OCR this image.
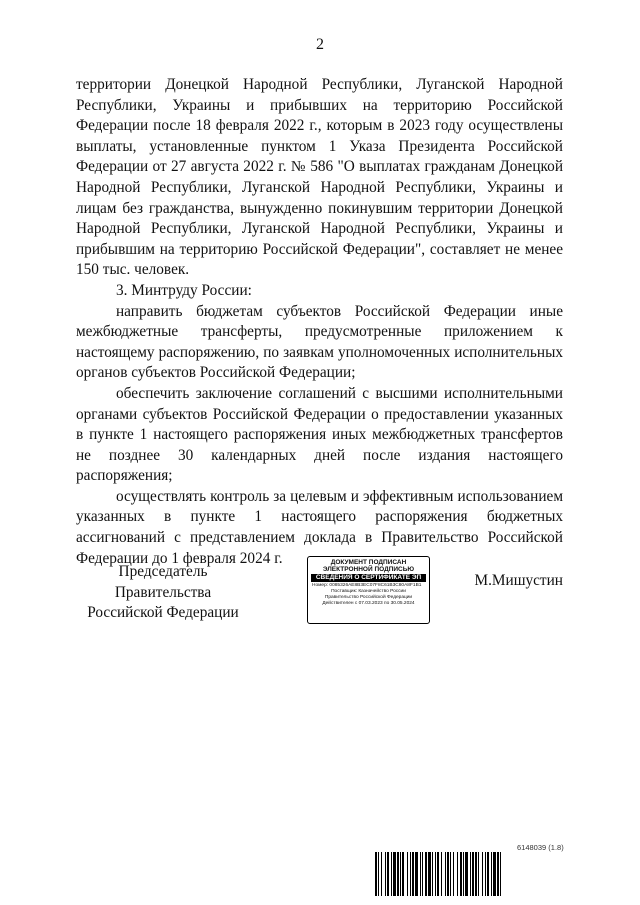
2

территории Донецкой Народной Республики, Луганской Народной Республики, Украины и прибывших на территорию Российской Федерации после 18 февраля 2022 г., которым в 2023 году осуществлены выплаты, установленные пунктом 1 Указа Президента Российской Федерации от 27 августа 2022 г. № 586 "О выплатах гражданам Донецкой Народной Республики, Луганской Народной Республики, Украины и лицам без гражданства, вынужденно покинувшим территории Донецкой Народной Республики, Луганской Народной Республики, Украины и прибывшим на территорию Российской Федерации", составляет не менее 150 тыс. человек.

3. Минтруду России:

направить бюджетам субъектов Российской Федерации иные межбюджетные трансферты, предусмотренные приложением к настоящему распоряжению, по заявкам уполномоченных исполнительных органов субъектов Российской Федерации;

обеспечить заключение соглашений с высшими исполнительными органами субъектов Российской Федерации о предоставлении указанных в пункте 1 настоящего распоряжения иных межбюджетных трансфертов не позднее 30 календарных дней после издания настоящего распоряжения;

осуществлять контроль за целевым и эффективным использованием указанных в пункте 1 настоящего распоряжения бюджетных ассигнований с представлением доклада в Правительство Российской Федерации до 1 февраля 2024 г.

Председатель Правительства
Российской Федерации
ДОКУМЕНТ ПОДПИСАН
ЭЛЕКТРОННОЙ ПОДПИСЬЮ
СВЕДЕНИЯ О СЕРТИФИКАТЕ ЭП
Номер: 0085326AE8B3EC07F8C61B3C80A8F1B1
Поставщик: Казначейство России
Правительство Российской Федерации
Действителен с 07.03.2023 по 30.05.2024
М.Мишустин
6148039 (1.8)
